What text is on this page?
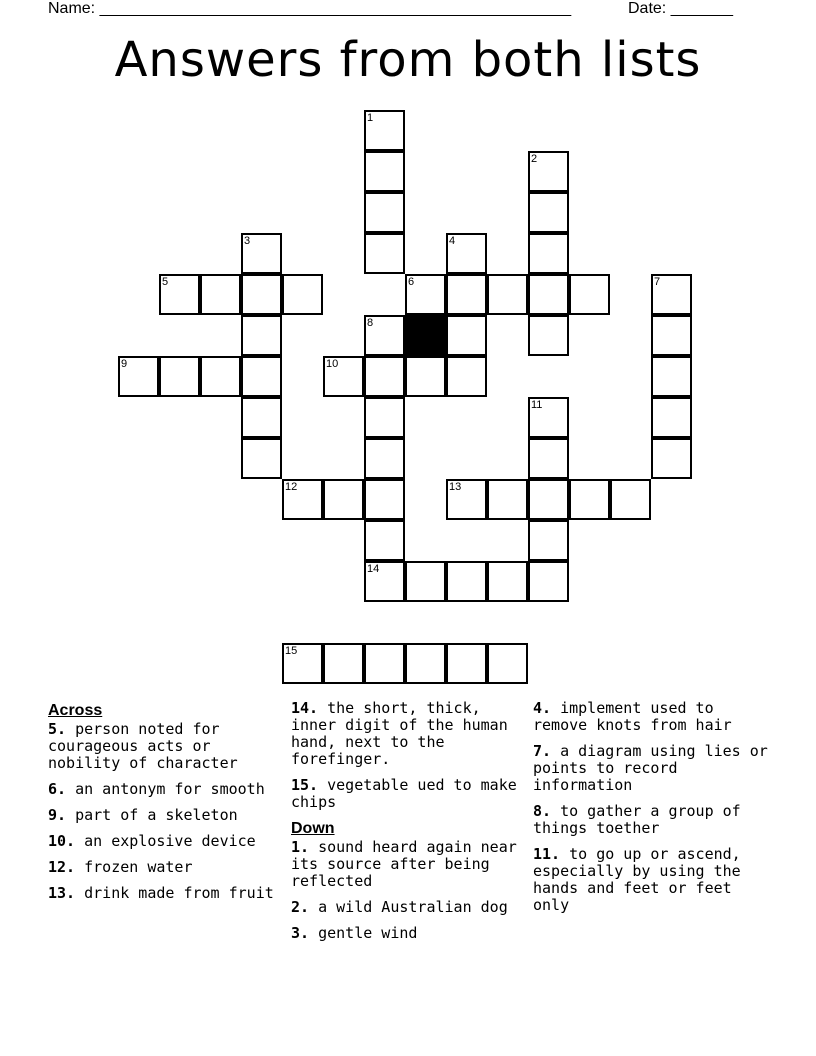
Name: _____________________________________________________	Date: _______
Answers from both lists
1
2
3	4
5	6	7
8
9	10
11
12	13
14
15
Across
5. person noted for courageous acts or nobility of character
6. an antonym for smooth
9. part of a skeleton
10. an explosive device
12. frozen water
13. drink made from fruit
14. the short, thick, inner digit of the human hand, next to the forefinger.
15. vegetable ued to make chips
Down
1. sound heard again near its source after being reflected
2. a wild Australian dog
3. gentle wind
4. implement used to remove knots from hair
7. a diagram using lies or points to record information
8. to gather a group of things toether
11. to go up or ascend, especially by using the hands and feet or feet only
